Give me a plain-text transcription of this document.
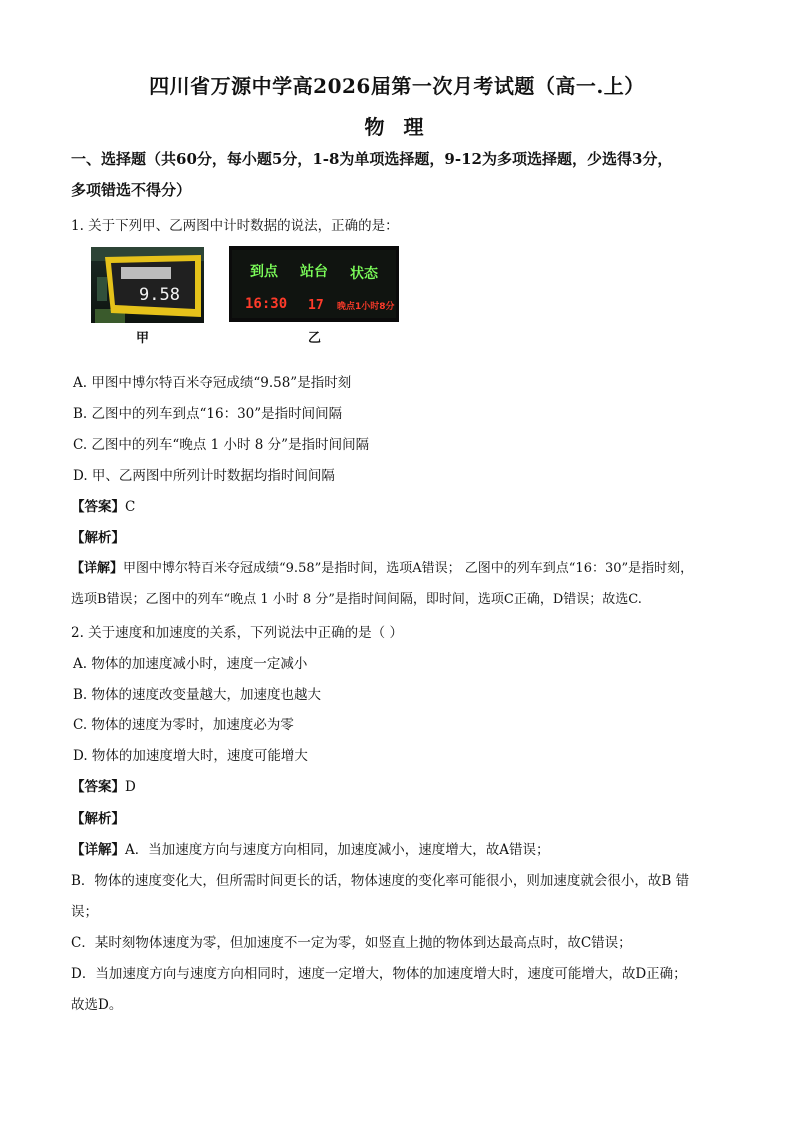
四川省万源中学高2026届第一次月考试题（高一.上）
物 理
一、选择题（共60分，每小题5分，1-8为单项选择题，9-12为多项选择题，少选得3分，
多项错选不得分）
1. 关于下列甲、乙两图中计时数据的说法，正确的是：
9.58
甲
到点 站台 状态
16:30 17 晚点1小时8分
乙
A. 甲图中博尔特百米夺冠成绩“9.58”是指时刻
B. 乙图中的列车到点“16：30”是指时间间隔
C. 乙图中的列车“晚点 1 小时 8 分”是指时间间隔
D. 甲、乙两图中所列计时数据均指时间间隔
【答案】C
【解析】
【详解】甲图中博尔特百米夺冠成绩“9.58”是指时间，选项A错误； 乙图中的列车到点“16：30”是指时刻，
选项B错误；乙图中的列车“晚点 1 小时 8 分”是指时间间隔，即时间，选项C正确，D错误；故选C.
2. 关于速度和加速度的关系，下列说法中正确的是（ ）
A. 物体的加速度减小时，速度一定减小
B. 物体的速度改变量越大，加速度也越大
C. 物体的速度为零时，加速度必为零
D. 物体的加速度增大时，速度可能增大
【答案】D
【解析】
【详解】A．当加速度方向与速度方向相同，加速度减小，速度增大，故A错误；
B．物体的速度变化大，但所需时间更长的话，物体速度的变化率可能很小，则加速度就会很小，故B 错
误；
C．某时刻物体速度为零，但加速度不一定为零，如竖直上抛的物体到达最高点时，故C错误；
D．当加速度方向与速度方向相同时，速度一定增大，物体的加速度增大时，速度可能增大，故D正确；
故选D。
